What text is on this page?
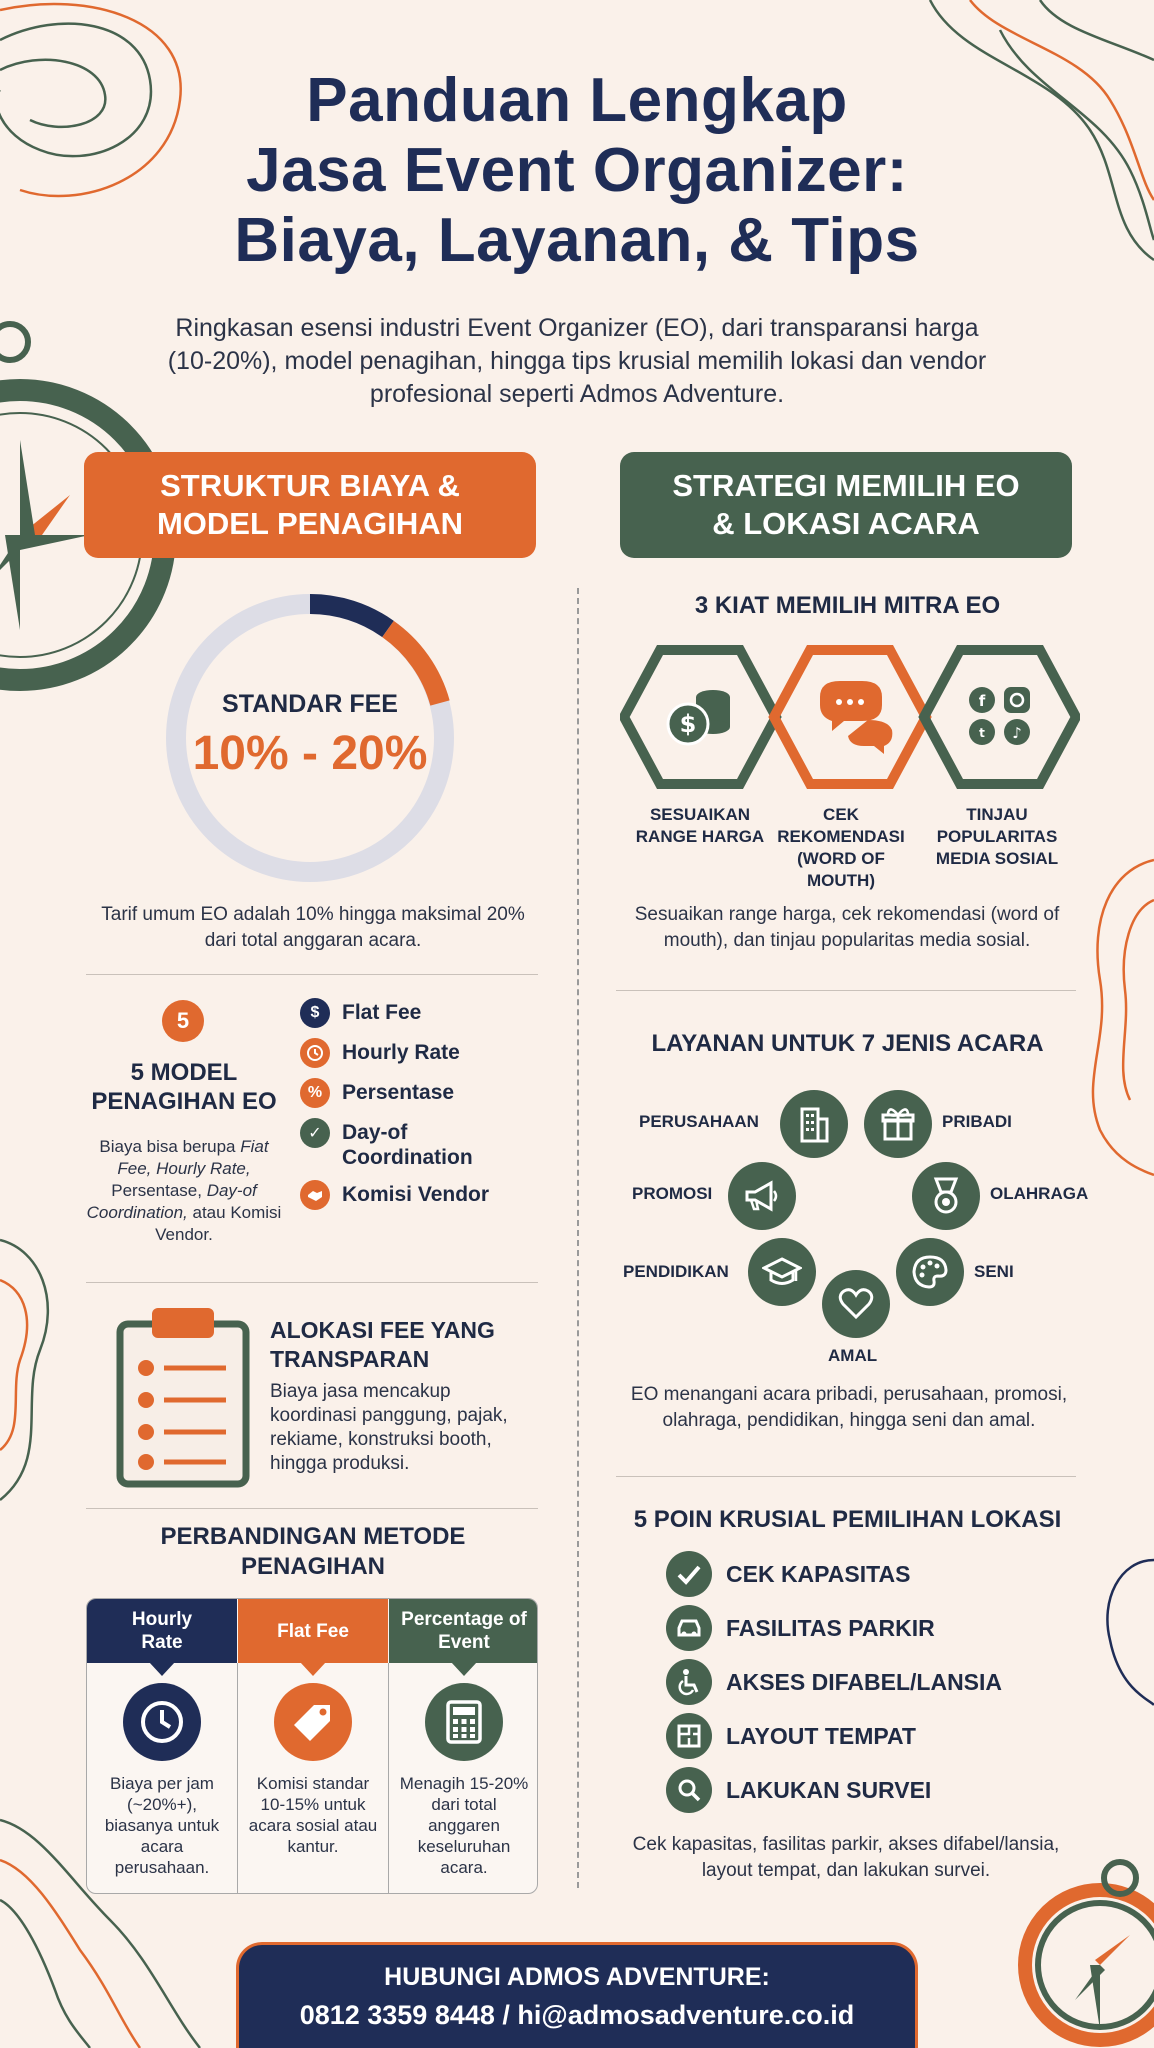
Panduan Lengkap
Jasa Event Organizer:
Biaya, Layanan, & Tips
Ringkasan esensi industri Event Organizer (EO), dari transparansi harga (10-20%), model penagihan, hingga tips krusial memilih lokasi dan vendor profesional seperti Admos Adventure.
STRUKTUR BIAYA &
MODEL PENAGIHAN
STRATEGI MEMILIH EO
& LOKASI ACARA
STANDAR FEE
10% - 20%
Tarif umum EO adalah 10% hingga maksimal 20% dari total anggaran acara.
5
5 MODEL PENAGIHAN EO
Biaya bisa berupa Fiat Fee, Hourly Rate, Persentase, Day-of Coordination, atau Komisi Vendor.
$	Flat Fee
Hourly Rate
% Persentase
✓ Day-of Coordination
Komisi Vendor
ALOKASI FEE YANG TRANSPARAN
Biaya jasa mencakup koordinasi panggung, pajak, rekiame, konstruksi booth, hingga produksi.
PERBANDINGAN METODE PENAGIHAN
Hourly Rate
Biaya per jam (~20%+), biasanya untuk acara perusahaan.
Flat Fee
Komisi standar 10-15% untuk acara sosial atau kantur.
Percentage of Event
Menagih 15-20% dari total anggaren keseluruhan acara.
3 KIAT MEMILIH MITRA EO
$
f
t ♪
SESUAIKAN RANGE HARGA
CEK REKOMENDASI (WORD OF MOUTH)
TINJAU POPULARITAS MEDIA SOSIAL
Sesuaikan range harga, cek rekomendasi (word of mouth), dan tinjau popularitas media sosial.
LAYANAN UNTUK 7 JENIS ACARA
PERUSAHAAN	PRIBADI
PROMOSI	OLAHRAGA
PENDIDIKAN	SENI
AMAL
EO menangani acara pribadi, perusahaan, promosi, olahraga, pendidikan, hingga seni dan amal.
5 POIN KRUSIAL PEMILIHAN LOKASI
CEK KAPASITAS
FASILITAS PARKIR
AKSES DIFABEL/LANSIA
LAYOUT TEMPAT
LAKUKAN SURVEI
Cek kapasitas, fasilitas parkir, akses difabel/lansia, layout tempat, dan lakukan survei.
HUBUNGI ADMOS ADVENTURE:
0812 3359 8448 / hi@admosadventure.co.id
